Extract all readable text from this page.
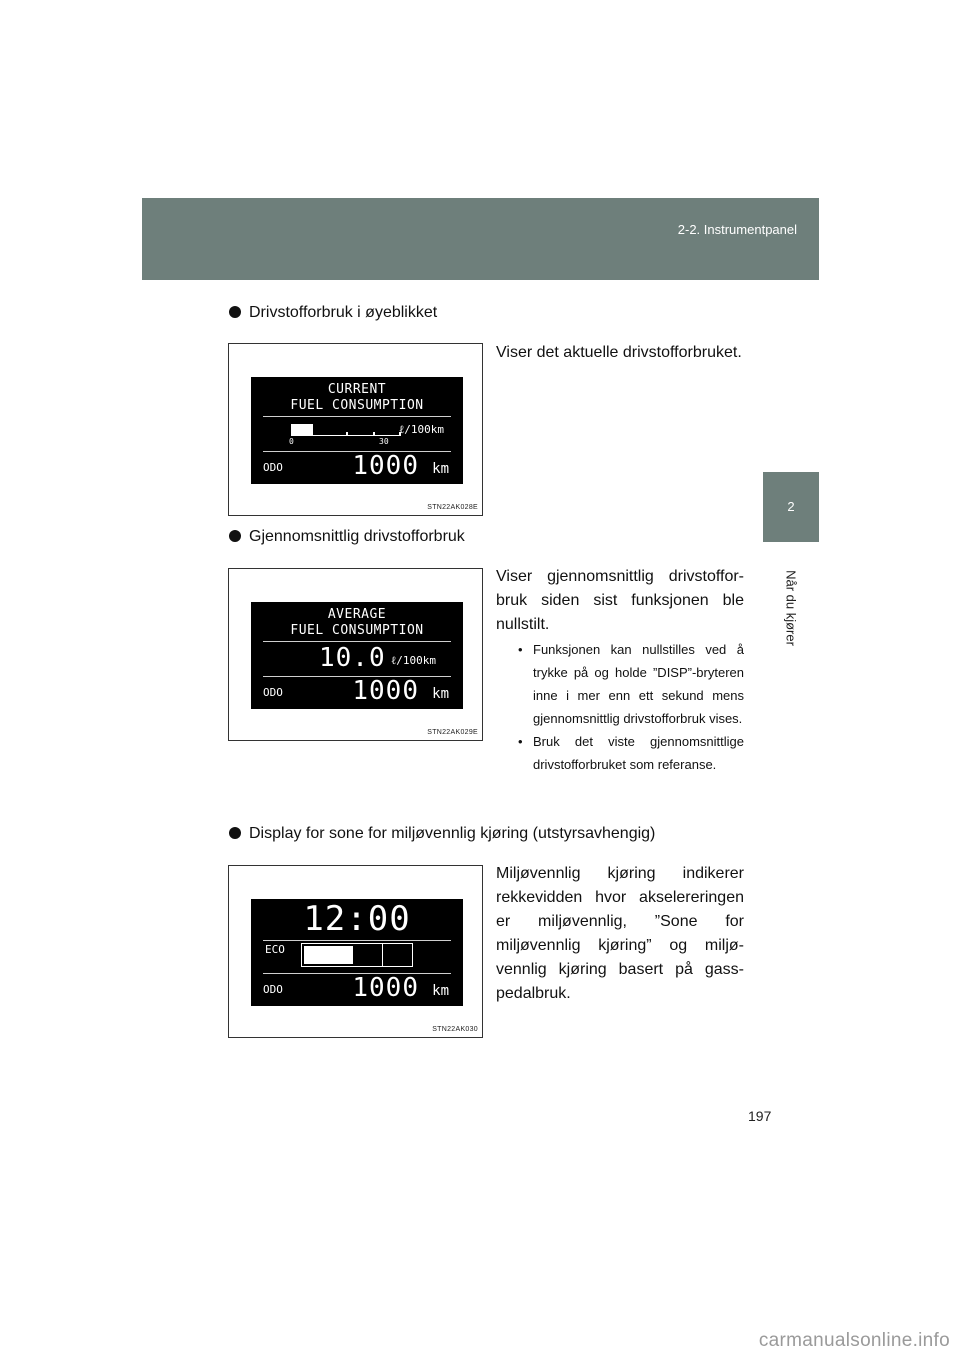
2-2. Instrumentpanel
2
Når du kjører
Drivstofforbruk i øyeblikket
CURRENT
FUEL CONSUMPTION
0	30
ℓ/100km
ODO	1000 km
STN22AK028E
Viser det aktuelle drivstofforbruket.
Gjennomsnittlig drivstofforbruk
AVERAGE
FUEL CONSUMPTION
10.0 ℓ/100km
ODO	1000 km
STN22AK029E
Viser gjennomsnittlig drivstofforbruk siden sist funksjonen ble nullstilt.
• Funksjonen kan nullstilles ved å trykke på og holde ”DISP”-bryteren inne i mer enn ett sekund mens gjennomsnittlig drivstofforbruk vises.
• Bruk det viste gjennomsnittlige drivstofforbruket som referanse.
Display for sone for miljøvennlig kjøring (utstyrsavhengig)
12:00
ECO
ODO	1000 km
STN22AK030
Miljøvennlig kjøring indikerer rekkevidden hvor akselereringen er miljøvennlig, ”Sone for miljøvennlig kjøring” og miljøvennlig kjøring basert på gasspedalbruk.
197
carmanualsonline.info
